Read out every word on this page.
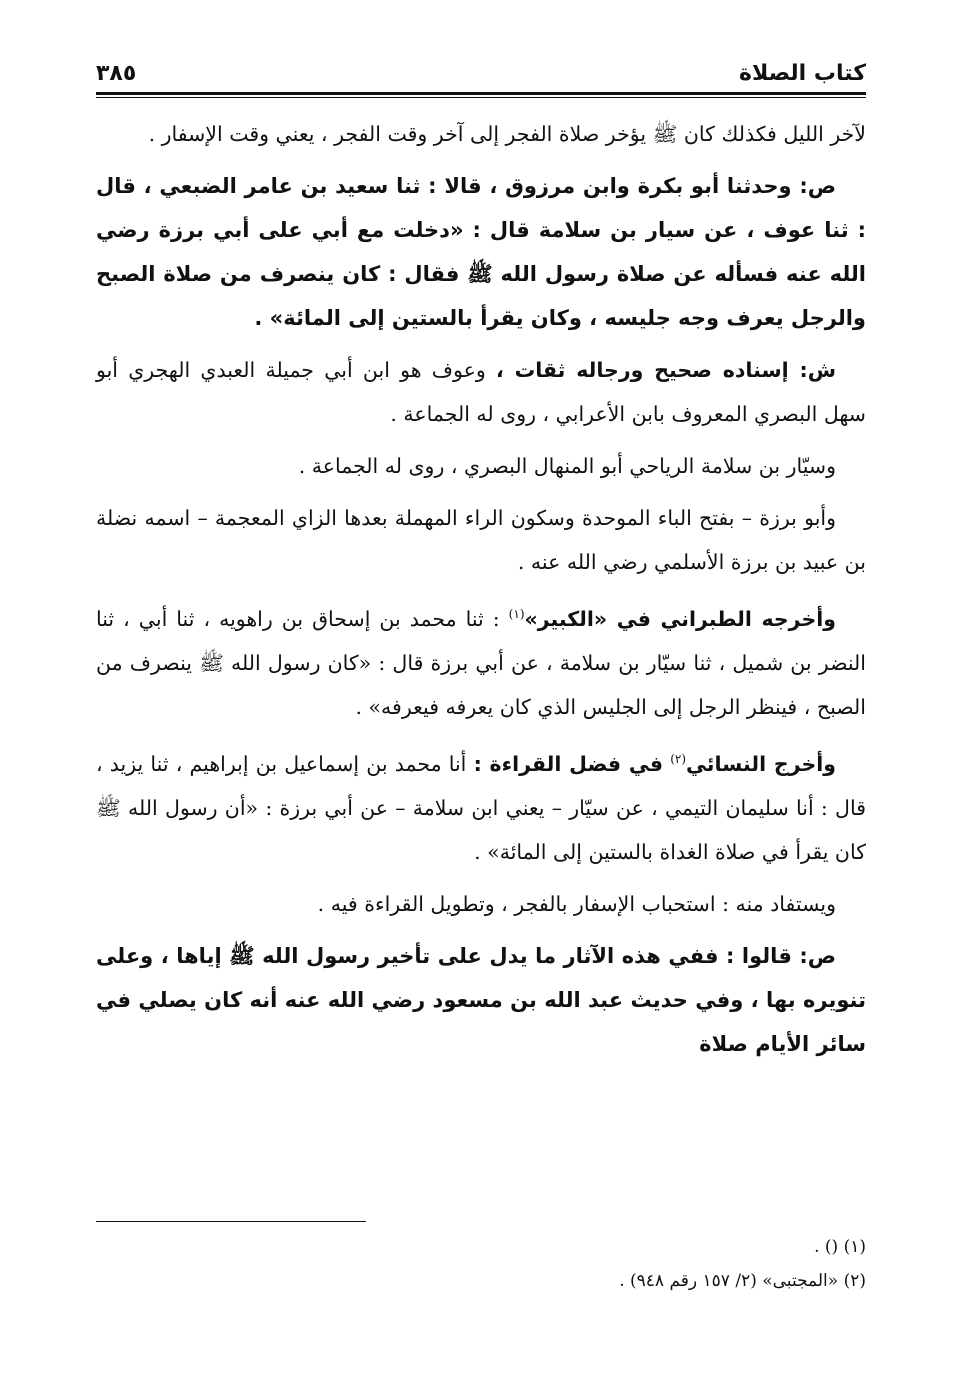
كتاب الصلاة
٣٨٥

لآخر الليل فكذلك كان ﷺ يؤخر صلاة الفجر إلى آخر وقت الفجر ، يعني وقت الإسفار .

ص: وحدثنا أبو بكرة وابن مرزوق ، قالا : ثنا سعيد بن عامر الضبعي ، قال : ثنا عوف ، عن سيار بن سلامة قال : «دخلت مع أبي على أبي برزة رضي الله عنه فسأله عن صلاة رسول الله ﷺ فقال : كان ينصرف من صلاة الصبح والرجل يعرف وجه جليسه ، وكان يقرأ بالستين إلى المائة» .

ش: إسناده صحيح ورجاله ثقات ، وعوف هو ابن أبي جميلة العبدي الهجري أبو سهل البصري المعروف بابن الأعرابي ، روى له الجماعة .

وسيّار بن سلامة الرياحي أبو المنهال البصري ، روى له الجماعة .

وأبو برزة – بفتح الباء الموحدة وسكون الراء المهملة بعدها الزاي المعجمة – اسمه نضلة بن عبيد بن برزة الأسلمي رضي الله عنه .

وأخرجه الطبراني في «الكبير»$^{(١)}$ : ثنا محمد بن إسحاق بن راهويه ، ثنا أبي ، ثنا النضر بن شميل ، ثنا سيّار بن سلامة ، عن أبي برزة قال : «كان رسول الله ﷺ ينصرف من الصبح ، فينظر الرجل إلى الجليس الذي كان يعرفه فيعرفه» .

وأخرج النسائي$^{(٢)}$ في فضل القراءة : أنا محمد بن إسماعيل بن إبراهيم ، ثنا يزيد ، قال : أنا سليمان التيمي ، عن سيّار – يعني ابن سلامة – عن أبي برزة : «أن رسول الله ﷺ كان يقرأ في صلاة الغداة بالستين إلى المائة» .

ويستفاد منه : استحباب الإسفار بالفجر ، وتطويل القراءة فيه .

ص: قالوا : ففي هذه الآثار ما يدل على تأخير رسول الله ﷺ إياها ، وعلى تنويره بها ، وفي حديث عبد الله بن مسعود رضي الله عنه أنه كان يصلي في سائر الأيام صلاة

(١) () .
(٢) «المجتبى» (٢/ ١٥٧ رقم ٩٤٨) .
